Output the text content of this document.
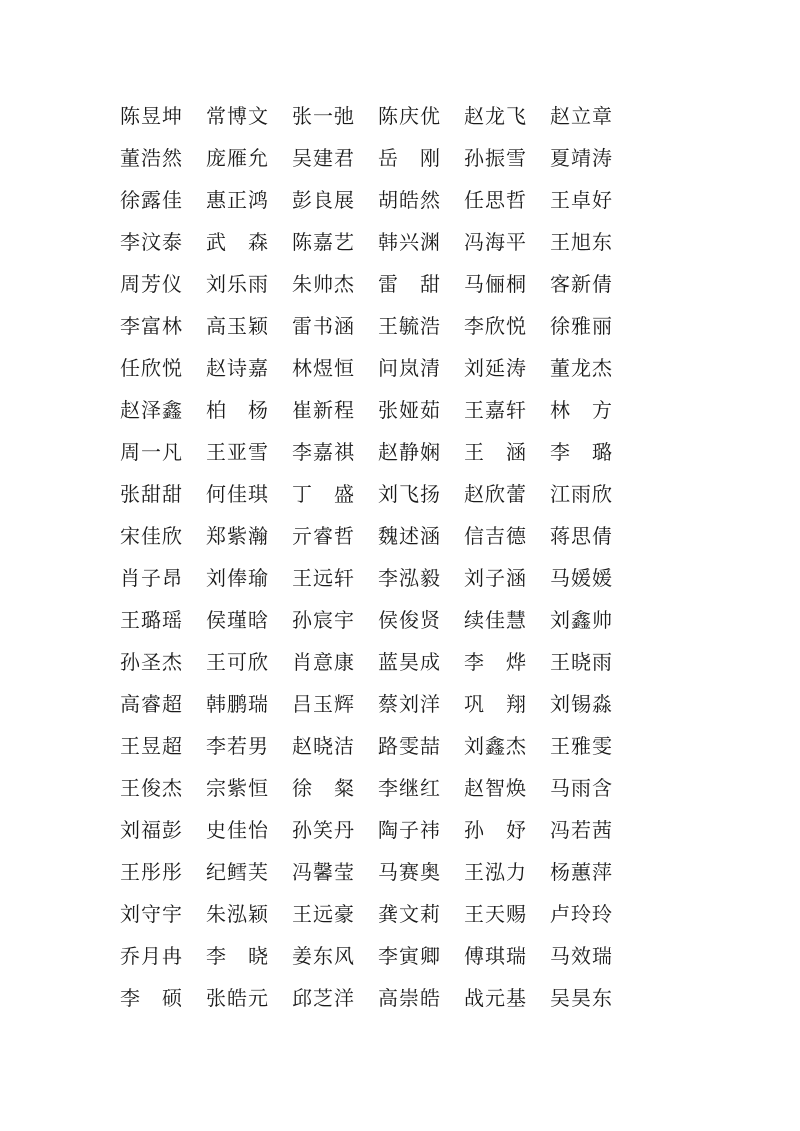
陈昱坤	常博文	张一弛	陈庆优	赵龙飞	赵立章
董浩然	庞雁允	吴建君	岳　刚	孙振雪	夏靖涛
徐露佳	惠正鸿	彭良展	胡皓然	任思哲	王卓好
李汶泰	武　森	陈嘉艺	韩兴渊	冯海平	王旭东
周芳仪	刘乐雨	朱帅杰	雷　甜	马俪桐	客新倩
李富林	高玉颖	雷书涵	王毓浩	李欣悦	徐雅丽
任欣悦	赵诗嘉	林煜恒	问岚清	刘延涛	董龙杰
赵泽鑫	柏　杨	崔新程	张娅茹	王嘉轩	林　方
周一凡	王亚雪	李嘉祺	赵静娴	王　涵	李　璐
张甜甜	何佳琪	丁　盛	刘飞扬	赵欣蕾	江雨欣
宋佳欣	郑紫瀚	亓睿哲	魏述涵	信吉德	蒋思倩
肖子昂	刘俸瑜	王远轩	李泓毅	刘子涵	马媛媛
王璐瑶	侯瑾晗	孙宸宇	侯俊贤	续佳慧	刘鑫帅
孙圣杰	王可欣	肖意康	蓝昊成	李　烨	王晓雨
高睿超	韩鹏瑞	吕玉辉	蔡刘洋	巩　翔	刘锡淼
王昱超	李若男	赵晓洁	路雯喆	刘鑫杰	王雅雯
王俊杰	宗紫恒	徐　粲	李继红	赵智焕	马雨含
刘福彭	史佳怡	孙笑丹	陶子祎	孙　妤	冯若茜
王彤彤	纪鳕芙	冯馨莹	马赛奥	王泓力	杨蕙萍
刘守宇	朱泓颖	王远豪	龚文莉	王天赐	卢玲玲
乔月冉	李　晓	姜东风	李寅卿	傅琪瑞	马效瑞
李　硕	张皓元	邱芝洋	高崇皓	战元基	吴昊东
